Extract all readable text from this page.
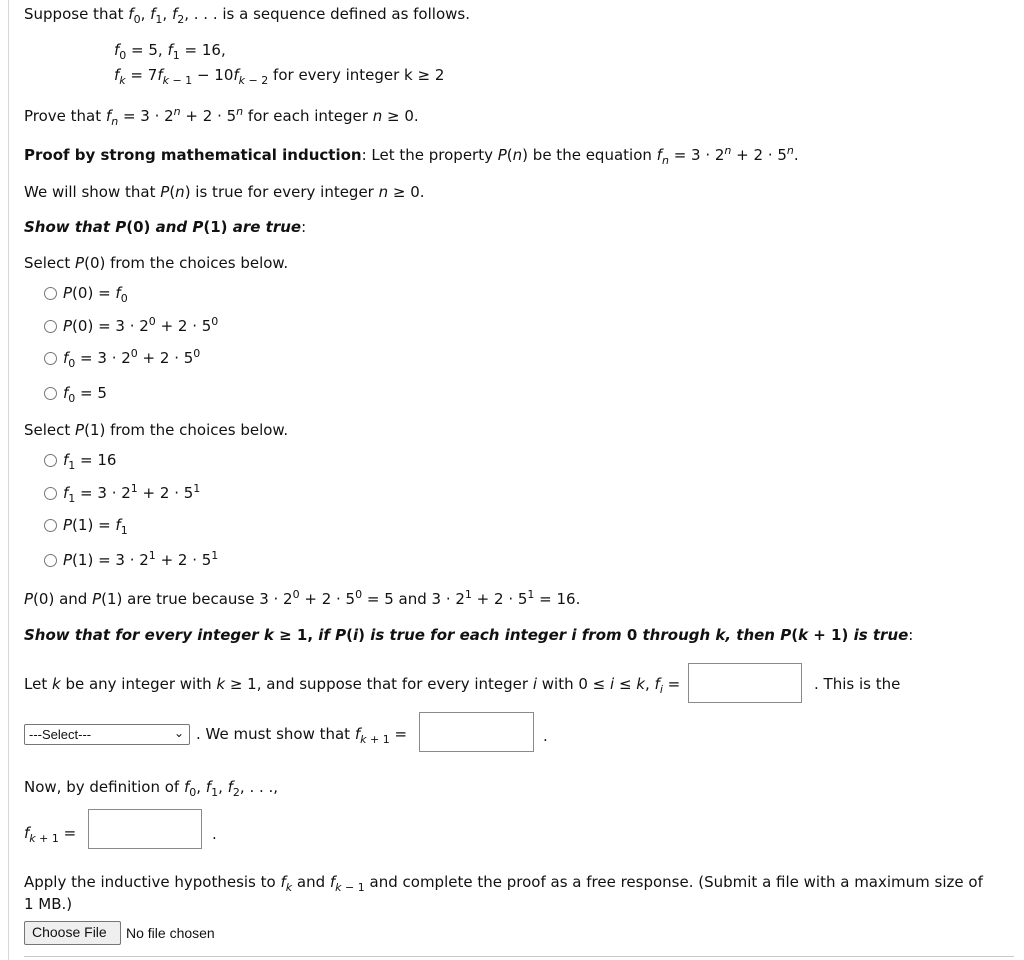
Suppose that $f_0$, $f_1$, $f_2$, . . . is a sequence defined as follows.
$f_0 = 5$, $f_1 = 16$,
$f_k = 7f_{k - 1} - 10f_{k - 2}$ for every integer k ≥ 2
Prove that $f_n = 3 \cdot 2^n + 2 \cdot 5^n$ for each integer n ≥ 0.
Proof by strong mathematical induction: Let the property P(n) be the equation $f_n = 3 \cdot 2^n + 2 \cdot 5^n$.
We will show that P(n) is true for every integer n ≥ 0.
Show that P(0) and P(1) are true:
Select P(0) from the choices below.
$P(0) = f_0$
$P(0) = 3 \cdot 2^0 + 2 \cdot 5^0$
$f_0 = 3 \cdot 2^0 + 2 \cdot 5^0$
$f_0 = 5$
Select P(1) from the choices below.
$f_1 = 16$
$f_1 = 3 \cdot 2^1 + 2 \cdot 5^1$
$P(1) = f_1$
$P(1) = 3 \cdot 2^1 + 2 \cdot 5^1$
P(0) and P(1) are true because $3 \cdot 2^0 + 2 \cdot 5^0 = 5$ and $3 \cdot 2^1 + 2 \cdot 5^1 = 16$.
Show that for every integer k ≥ 1, if P(i) is true for each integer i from 0 through k, then P(k + 1) is true:
Let k be any integer with k ≥ 1, and suppose that for every integer i with 0 ≤ i ≤ k, $f_i$ =	. This is the
---Select---	⌄ . We must show that $f_{k + 1}$ =	.
Now, by definition of $f_0$, $f_1$, $f_2$, . . .,
$f_{k + 1}$ =	.
Apply the inductive hypothesis to $f_k$ and $f_{k - 1}$ and complete the proof as a free response. (Submit a file with a maximum size of
1 MB.)
Choose File	No file chosen
